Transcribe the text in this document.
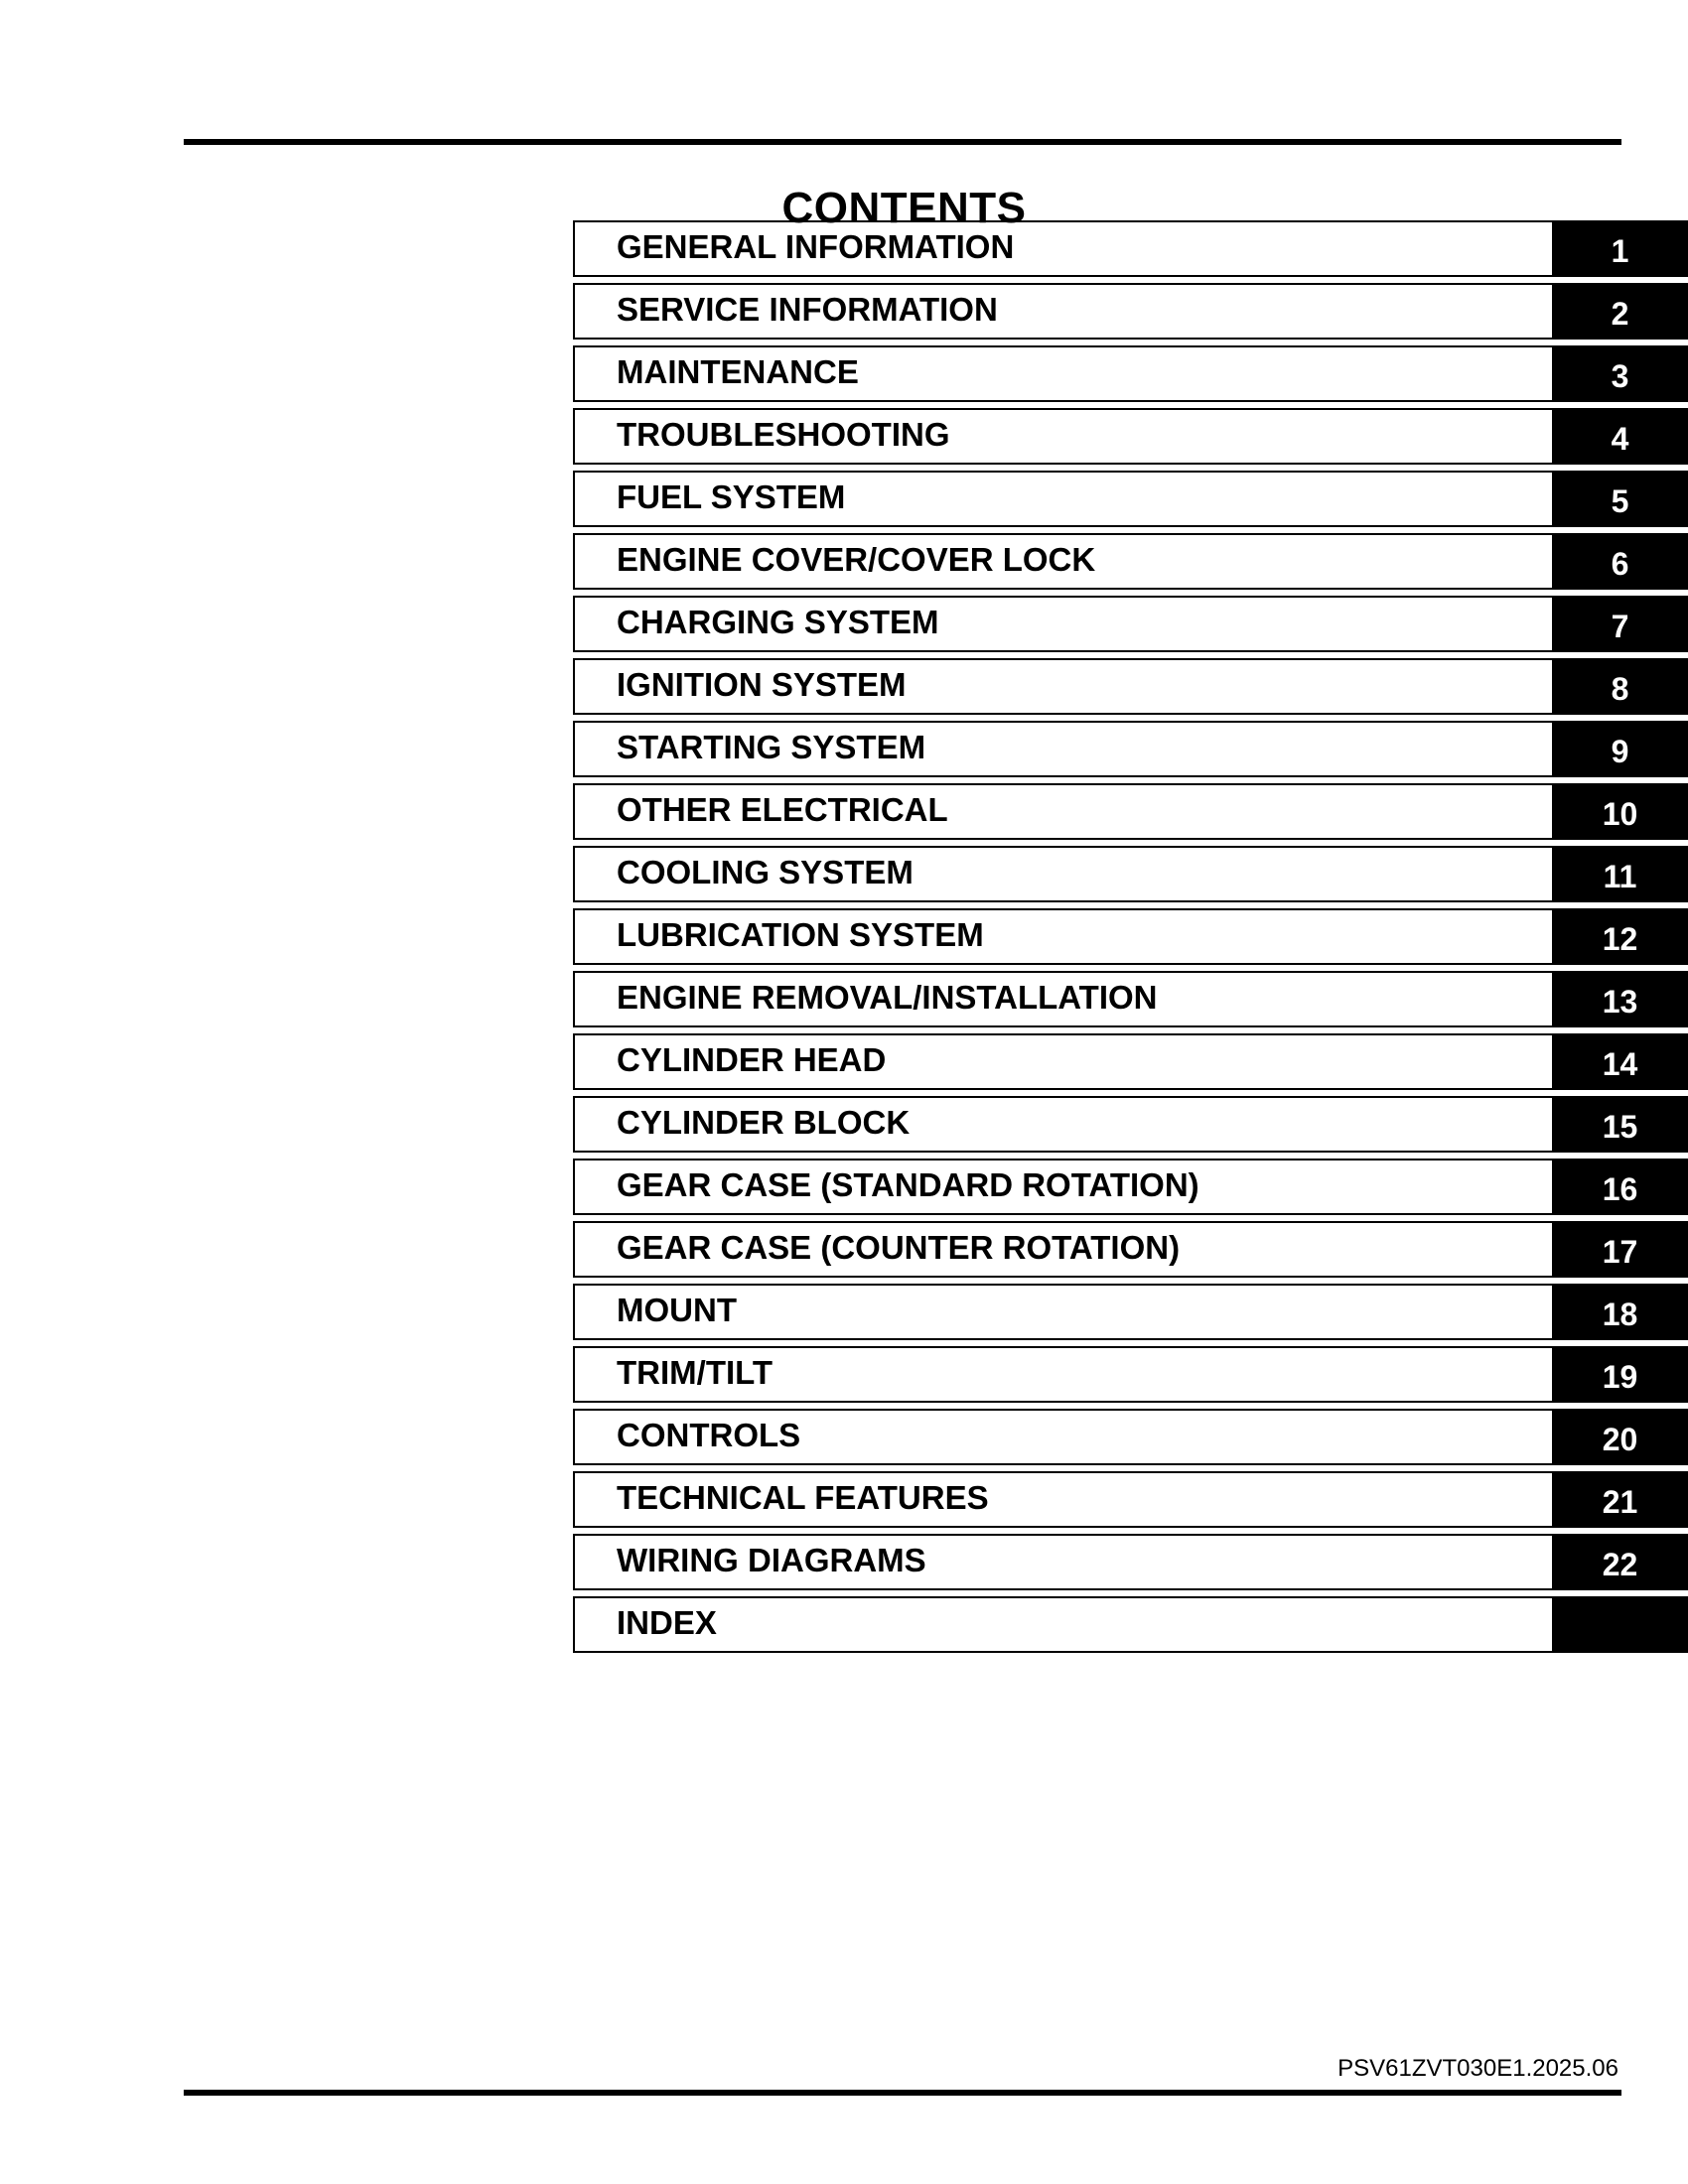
CONTENTS
GENERAL INFORMATION	1
SERVICE INFORMATION	2
MAINTENANCE	3
TROUBLESHOOTING	4
FUEL SYSTEM	5
ENGINE COVER/COVER LOCK	6
CHARGING SYSTEM	7
IGNITION SYSTEM	8
STARTING SYSTEM	9
OTHER ELECTRICAL	10
COOLING SYSTEM	11
LUBRICATION SYSTEM	12
ENGINE REMOVAL/INSTALLATION	13
CYLINDER HEAD	14
CYLINDER BLOCK	15
GEAR CASE (STANDARD ROTATION)	16
GEAR CASE (COUNTER ROTATION)	17
MOUNT	18
TRIM/TILT	19
CONTROLS	20
TECHNICAL FEATURES	21
WIRING DIAGRAMS	22
INDEX
PSV61ZVT030E1.2025.06
